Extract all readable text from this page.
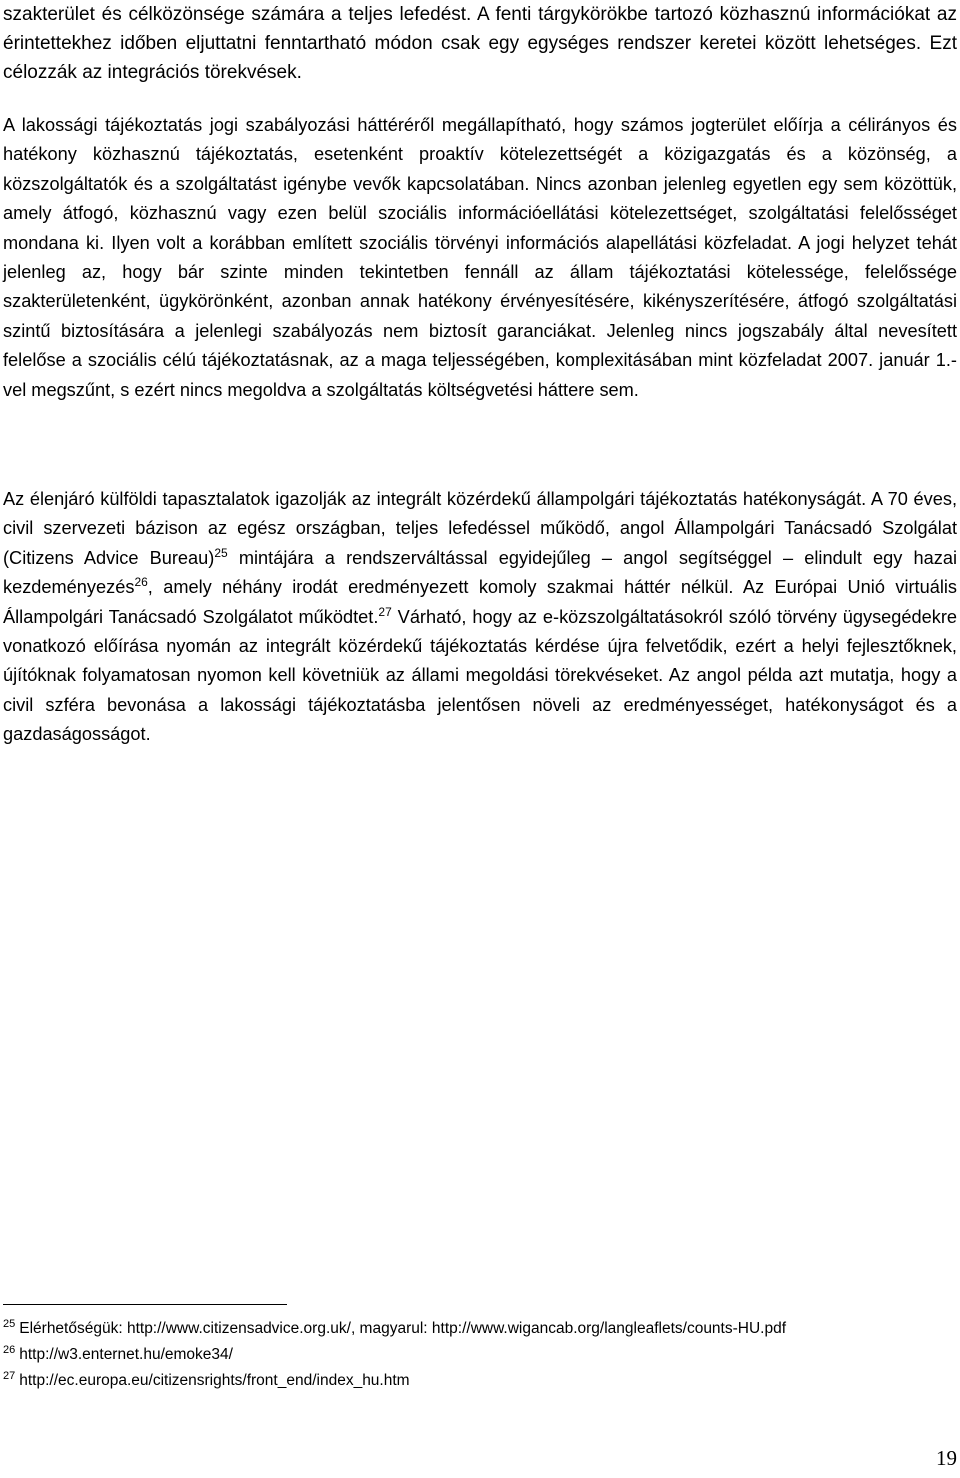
szakterület és célközönsége számára a teljes lefedést. A fenti tárgykörökbe tartozó közhasznú információkat az érintettekhez időben eljuttatni fenntartható módon csak egy egységes rendszer keretei között lehetséges. Ezt célozzák az integrációs törekvések.

A lakossági tájékoztatás jogi szabályozási háttéréről megállapítható, hogy számos jogterület előírja a célirányos és hatékony közhasznú tájékoztatás, esetenként proaktív kötelezettségét a közigazgatás és a közönség, a közszolgáltatók és a szolgáltatást igénybe vevők kapcsolatában. Nincs azonban jelenleg egyetlen egy sem közöttük, amely átfogó, közhasznú vagy ezen belül szociális információellátási kötelezettséget, szolgáltatási felelősséget mondana ki. Ilyen volt a korábban említett szociális törvényi információs alapellátási közfeladat. A jogi helyzet tehát jelenleg az, hogy bár szinte minden tekintetben fennáll az állam tájékoztatási kötelessége, felelőssége szakterületenként, ügykörönként, azonban annak hatékony érvényesítésére, kikényszerítésére, átfogó szolgáltatási szintű biztosítására a jelenlegi szabályozás nem biztosít garanciákat. Jelenleg nincs jogszabály által nevesített felelőse a szociális célú tájékoztatásnak, az a maga teljességében, komplexitásában mint közfeladat 2007. január 1.-vel megszűnt, s ezért nincs megoldva a szolgáltatás költségvetési háttere sem.

Az élenjáró külföldi tapasztalatok igazolják az integrált közérdekű állampolgári tájékoztatás hatékonyságát. A 70 éves, civil szervezeti bázison az egész országban, teljes lefedéssel működő, angol Állampolgári Tanácsadó Szolgálat (Citizens Advice Bureau)$^{25}$ mintájára a rendszerváltással egyidejűleg – angol segítséggel – elindult egy hazai kezdeményezés$^{26}$, amely néhány irodát eredményezett komoly szakmai háttér nélkül. Az Európai Unió virtuális Állampolgári Tanácsadó Szolgálatot működtet.$^{27}$ Várható, hogy az e-közszolgáltatásokról szóló törvény ügysegédekre vonatkozó előírása nyomán az integrált közérdekű tájékoztatás kérdése újra felvetődik, ezért a helyi fejlesztőknek, újítóknak folyamatosan nyomon kell követniük az állami megoldási törekvéseket. Az angol példa azt mutatja, hogy a civil szféra bevonása a lakossági tájékoztatásba jelentősen növeli az eredményességet, hatékonyságot és a gazdaságosságot.

$^{25}$ Elérhetőségük: http://www.citizensadvice.org.uk/, magyarul: http://www.wigancab.org/langleaflets/counts-HU.pdf
$^{26}$ http://w3.enternet.hu/emoke34/
$^{27}$ http://ec.europa.eu/citizensrights/front_end/index_hu.htm
19
